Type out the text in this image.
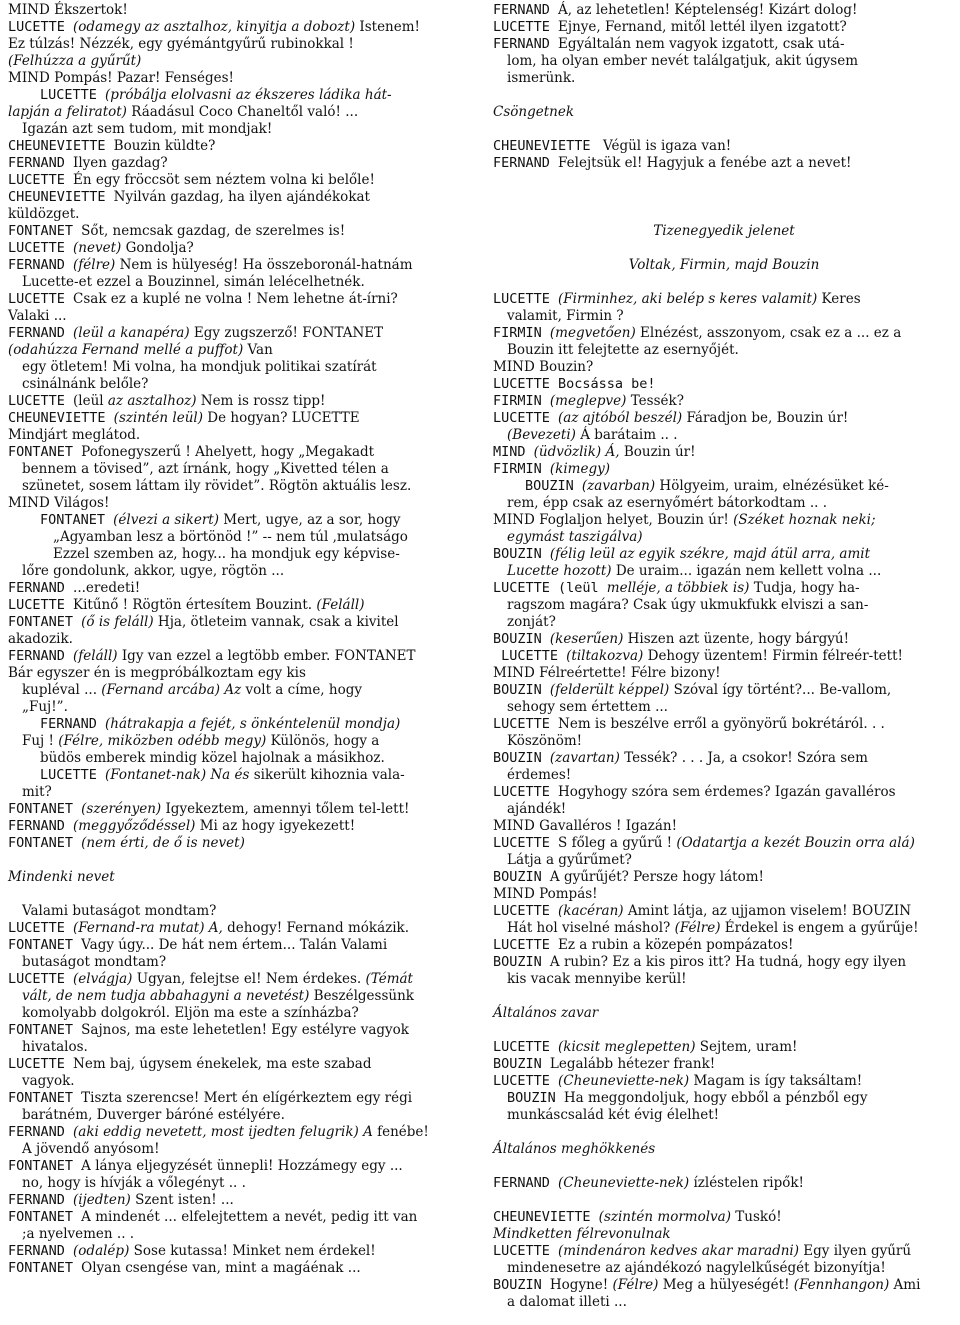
MIND Ékszertok!
LUCETTE (odamegy az asztalhoz, kinyitja a dobozt) Istenem!
Ez túlzás! Nézzék, egy gyémántgyűrű rubinokkal !
(Felhúzza a gyűrűt)
MIND Pompás! Pazar! Fenséges!
LUCETTE (próbálja elolvasni az ékszeres ládika hát-
lapján a feliratot) Ráadásul Coco Chaneltől való! ...
Igazán azt sem tudom, mit mondjak!
CHEUNEVIETTE Bouzin küldte?
FERNAND Ilyen gazdag?
LUCETTE Én egy fröccsöt sem néztem volna ki belőle!
CHEUNEVIETTE Nyilván gazdag, ha ilyen ajándékokat
küldözget.
FONTANET Sőt, nemcsak gazdag, de szerelmes is!
LUCETTE (nevet) Gondolja?
FERNAND (félre) Nem is hülyeség! Ha összeboronál-hatnám
Lucette-et ezzel a Bouzinnel, simán lelécelhetnék.
LUCETTE Csak ez a kuplé ne volna ! Nem lehetne át-írni?
Valaki ...
FERNAND (leül a kanapéra) Egy zugszerző! FONTANET
(odahúzza Fernand mellé a puffot) Van
egy ötletem! Mi volna, ha mondjuk politikai szatírát
csinálnánk belőle?
LUCETTE (leül az asztalhoz) Nem is rossz tipp!
CHEUNEVIETTE (szintén leül) De hogyan? LUCETTE
Mindjárt meglátod.
FONTANET Pofonegyszerű ! Ahelyett, hogy „Megakadt
bennem a tövised”, azt írnánk, hogy „Kivetted télen a
szünetet, sosem láttam ily rövidet”. Rögtön aktuális lesz.
MIND Világos!
FONTANET (élvezi a sikert) Mert, ugye, az a sor, hogy
„Agyamban lesz a börtönöd !” -- nem túl ,mulatságo
Ezzel szemben az, hogy... ha mondjuk egy képvise-
lőre gondolunk, akkor, ugye, rögtön ...
FERNAND ...eredeti!
LUCETTE Kitűnő ! Rögtön értesítem Bouzint. (Feláll)
FONTANET (ő is feláll) Hja, ötleteim vannak, csak a kivitel
akadozik.
FERNAND (feláll) Igy van ezzel a legtöbb ember. FONTANET
Bár egyszer én is megpróbálkoztam egy kis
kupléval ... (Fernand arcába) Az volt a címe, hogy
„Fuj!”.
FERNAND (hátrakapja a fejét, s önkéntelenül mondja)
Fuj ! (Félre, miközben odébb megy) Különös, hogy a
büdös emberek mindig közel hajolnak a másikhoz.
LUCETTE (Fontanet-nak) Na és sikerült kihoznia vala-
mit?
FONTANET (szerényen) Igyekeztem, amennyi tőlem tel-lett!
FERNAND (meggyőződéssel) Mi az hogy igyekezett!
FONTANET (nem érti, de ő is nevet)
Mindenki nevet
Valami butaságot mondtam?
LUCETTE (Fernand-ra mutat) A, dehogy! Fernand mókázik.
FONTANET Vagy úgy... De hát nem értem... Talán Valami
butaságot mondtam?
LUCETTE (elvágja) Ugyan, felejtse el! Nem érdekes. (Témát
vált, de nem tudja abbahagyni a nevetést) Beszélgessünk
komolyabb dolgokról. Eljön ma este a színházba?
FONTANET Sajnos, ma este lehetetlen! Egy estélyre vagyok
hivatalos.
LUCETTE Nem baj, úgysem énekelek, ma este szabad
vagyok.
FONTANET Tiszta szerencse! Mert én elígérkeztem egy régi
barátném, Duverger báróné estélyére.
FERNAND (aki eddig nevetett, most ijedten felugrik) A fenébe!
A jövendő anyósom!
FONTANET A lánya eljegyzését ünnepli! Hozzámegy egy ...
no, hogy is hívják a vőlegényt .. .
FERNAND (ijedten) Szent isten! ...
FONTANET A mindenét ... elfelejtettem a nevét, pedig itt van
;a nyelvemen .. .
FERNAND (odalép) Sose kutassa! Minket nem érdekel!
FONTANET Olyan csengése van, mint a magáénak ...
FERNAND Á, az lehetetlen! Képtelenség! Kizárt dolog!
LUCETTE Ejnye, Fernand, mitől lettél ilyen izgatott?
FERNAND Egyáltalán nem vagyok izgatott, csak utá-
lom, ha olyan ember nevét találgatjuk, akit úgysem
ismerünk.
Csöngetnek
CHEUNEVIETTE  Végül is igaza van!
FERNAND Felejtsük el! Hagyjuk a fenébe azt a nevet!
Tizenegyedik jelenet
Voltak, Firmin, majd Bouzin
LUCETTE (Firminhez, aki belép s keres valamit) Keres
valamit, Firmin ?
FIRMIN (megvetően) Elnézést, asszonyom, csak ez a ... ez a
Bouzin itt felejtette az esernyőjét.
MIND Bouzin?
LUCETTE Bocsássa be!
FIRMIN (meglepve) Tessék?
LUCETTE (az ajtóból beszél) Fáradjon be, Bouzin úr!
(Bevezeti) Á barátaim .. .
MIND (üdvözlik) Á, Bouzin úr!
FIRMIN (kimegy)
BOUZIN (zavarban) Hölgyeim, uraim, elnézésüket ké-
rem, épp csak az esernyőmért bátorkodtam .. .
MIND Foglaljon helyet, Bouzin úr! (Széket hoznak neki;
egymást taszigálva)
BOUZIN (félig leül az egyik székre, majd átül arra, amit
Lucette hozott) De uraim... igazán nem kellett volna ...
LUCETTE (leül melléje, a többiek is) Tudja, hogy ha-
ragszom magára? Csak úgy ukmukfukk elviszi a san-
zonját?
BOUZIN (keserűen) Hiszen azt üzente, hogy bárgyú!
LUCETTE (tiltakozva) Dehogy üzentem! Firmin félreér-tett!
MIND Félreértette! Félre bizony!
BOUZIN (felderült képpel) Szóval így történt?... Be-vallom,
sehogy sem értettem ...
LUCETTE Nem is beszélve erről a gyönyörű bokrétáról. . .
Köszönöm!
BOUZIN (zavartan) Tessék? . . . Ja, a csokor! Szóra sem
érdemes!
LUCETTE Hogyhogy szóra sem érdemes? Igazán gavalléros
ajándék!
MIND Gavalléros ! Igazán!
LUCETTE S főleg a gyűrű ! (Odatartja a kezét Bouzin orra alá)
Látja a gyűrűmet?
BOUZIN A gyűrűjét? Persze hogy látom!
MIND Pompás!
LUCETTE (kacéran) Amint látja, az ujjamon viselem! BOUZIN
Hát hol viselné máshol? (Félre) Érdekel is engem a gyűrűje!
LUCETTE Ez a rubin a közepén pompázatos!
BOUZIN A rubin? Ez a kis piros itt? Ha tudná, hogy egy ilyen
kis vacak mennyibe kerül!
Általános zavar
LUCETTE (kicsit meglepetten) Sejtem, uram!
BOUZIN Legalább hétezer frank!
LUCETTE (Cheuneviette-nek) Magam is így taksáltam!
BOUZIN Ha meggondoljuk, hogy ebből a pénzből egy
munkáscsalád két évig élelhet!
Általános meghökkenés
FERNAND (Cheuneviette-nek) ízléstelen ripők!
CHEUNEVIETTE (szintén mormolva) Tuskó!
Mindketten félrevonulnak
LUCETTE (mindenáron kedves akar maradni) Egy ilyen gyűrű
mindenesetre az ajándékozó nagylelkűségét bizonyítja!
BOUZIN Hogyne! (Félre) Meg a hülyeségét! (Fennhangon) Ami
a dalomat illeti ...
